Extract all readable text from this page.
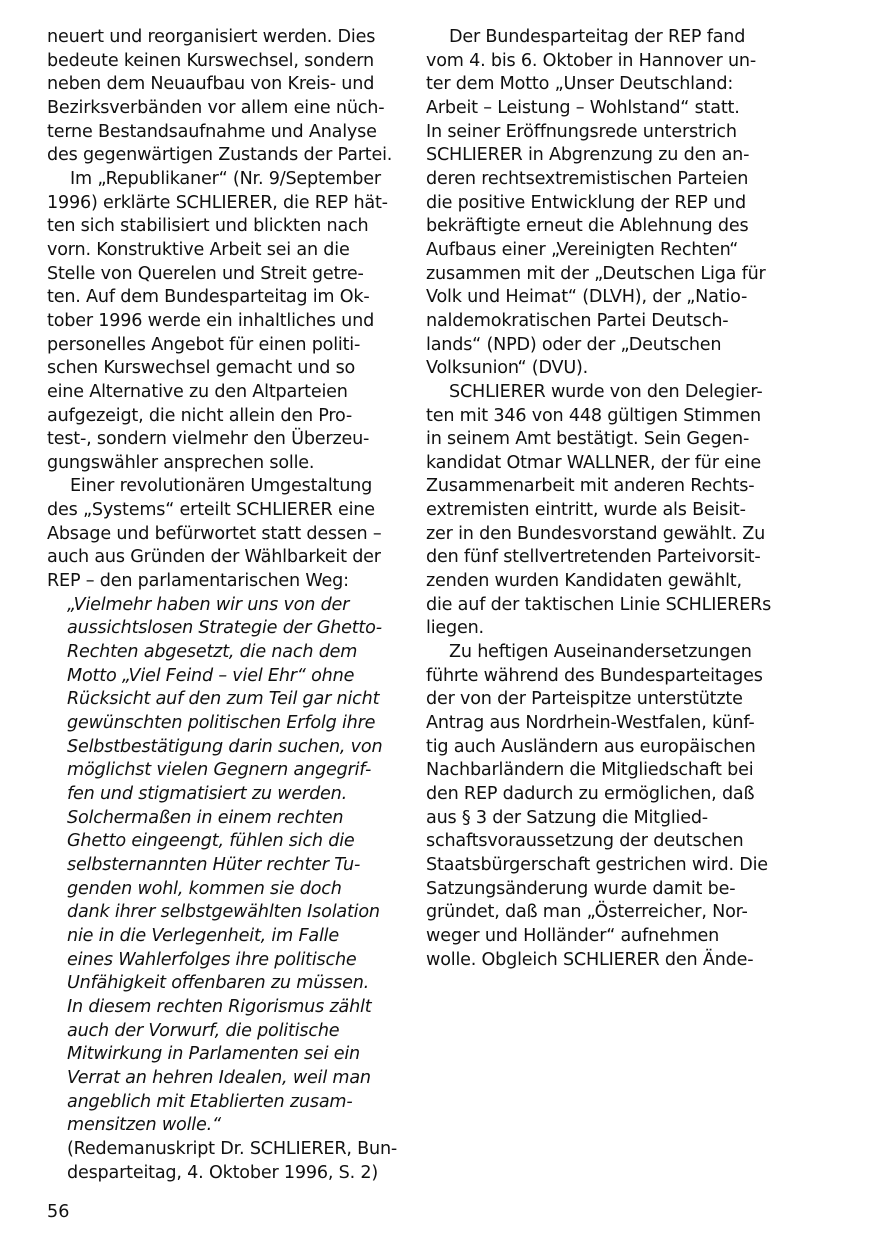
neuert und reorganisiert werden. Dies
bedeute keinen Kurswechsel, sondern
neben dem Neuaufbau von Kreis- und
Bezirksverbänden vor allem eine nüch-
terne Bestandsaufnahme und Analyse
des gegenwärtigen Zustands der Partei.
Im „Republikaner“ (Nr. 9/September
1996) erklärte SCHLIERER, die REP hät-
ten sich stabilisiert und blickten nach
vorn. Konstruktive Arbeit sei an die
Stelle von Querelen und Streit getre-
ten. Auf dem Bundesparteitag im Ok-
tober 1996 werde ein inhaltliches und
personelles Angebot für einen politi-
schen Kurswechsel gemacht und so
eine Alternative zu den Altparteien
aufgezeigt, die nicht allein den Pro-
test-, sondern vielmehr den Überzeu-
gungswähler ansprechen solle.
Einer revolutionären Umgestaltung
des „Systems“ erteilt SCHLIERER eine
Absage und befürwortet statt dessen –
auch aus Gründen der Wählbarkeit der
REP – den parlamentarischen Weg:
„Vielmehr haben wir uns von der
aussichtslosen Strategie der Ghetto-
Rechten abgesetzt, die nach dem
Motto „Viel Feind – viel Ehr“ ohne
Rücksicht auf den zum Teil gar nicht
gewünschten politischen Erfolg ihre
Selbstbestätigung darin suchen, von
möglichst vielen Gegnern angegrif-
fen und stigmatisiert zu werden.
Solchermaßen in einem rechten
Ghetto eingeengt, fühlen sich die
selbsternannten Hüter rechter Tu-
genden wohl, kommen sie doch
dank ihrer selbstgewählten Isolation
nie in die Verlegenheit, im Falle
eines Wahlerfolges ihre politische
Unfähigkeit offenbaren zu müssen.
In diesem rechten Rigorismus zählt
auch der Vorwurf, die politische
Mitwirkung in Parlamenten sei ein
Verrat an hehren Idealen, weil man
angeblich mit Etablierten zusam-
mensitzen wolle.“
(Redemanuskript Dr. SCHLIERER, Bun-
desparteitag, 4. Oktober 1996, S. 2)
Der Bundesparteitag der REP fand
vom 4. bis 6. Oktober in Hannover un-
ter dem Motto „Unser Deutschland:
Arbeit – Leistung – Wohlstand“ statt.
In seiner Eröffnungsrede unterstrich
SCHLIERER in Abgrenzung zu den an-
deren rechtsextremistischen Parteien
die positive Entwicklung der REP und
bekräftigte erneut die Ablehnung des
Aufbaus einer „Vereinigten Rechten“
zusammen mit der „Deutschen Liga für
Volk und Heimat“ (DLVH), der „Natio-
naldemokratischen Partei Deutsch-
lands“ (NPD) oder der „Deutschen
Volksunion“ (DVU).
SCHLIERER wurde von den Delegier-
ten mit 346 von 448 gültigen Stimmen
in seinem Amt bestätigt. Sein Gegen-
kandidat Otmar WALLNER, der für eine
Zusammenarbeit mit anderen Rechts-
extremisten eintritt, wurde als Beisit-
zer in den Bundesvorstand gewählt. Zu
den fünf stellvertretenden Parteivorsit-
zenden wurden Kandidaten gewählt,
die auf der taktischen Linie SCHLIERERs
liegen.
Zu heftigen Auseinandersetzungen
führte während des Bundesparteitages
der von der Parteispitze unterstützte
Antrag aus Nordrhein-Westfalen, künf-
tig auch Ausländern aus europäischen
Nachbarländern die Mitgliedschaft bei
den REP dadurch zu ermöglichen, daß
aus § 3 der Satzung die Mitglied-
schaftsvoraussetzung der deutschen
Staatsbürgerschaft gestrichen wird. Die
Satzungsänderung wurde damit be-
gründet, daß man „Österreicher, Nor-
weger und Holländer“ aufnehmen
wolle. Obgleich SCHLIERER den Ände-
56
